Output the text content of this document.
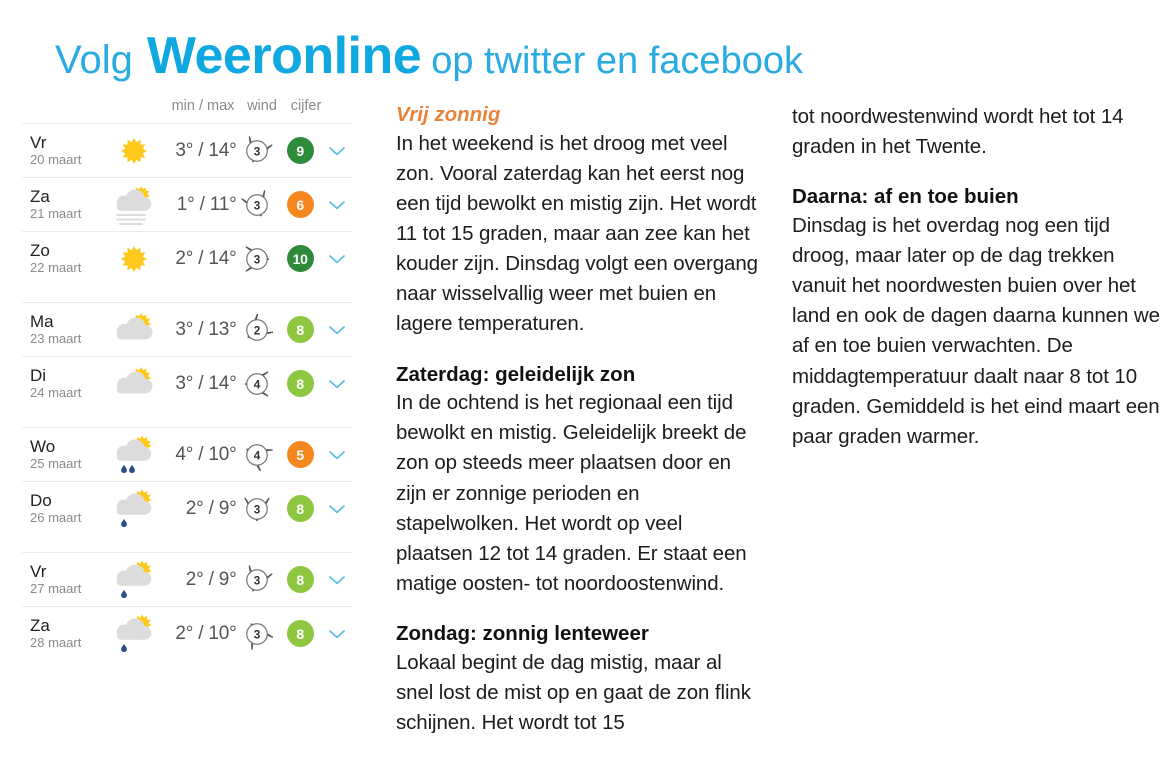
Volg Weeronline op twitter en facebook
min / max wind cijfer
Vr
20 maart	3° / 14° 3	9
Za
21 maart	1° / 11° 3	6
Zo
22 maart	2° / 14° 3	10
Ma
23 maart	3° / 13° 2	8
Di
24 maart	3° / 14° 4	8
Wo
25 maart	4° / 10° 4	5
Do
26 maart	2° / 9° 3	8
Vr
27 maart	2° / 9° 3	8
Za
28 maart	2° / 10° 3	8
Vrij zonnig
In het weekend is het droog met veel zon. Vooral zaterdag kan het eerst nog een tijd bewolkt en mistig zijn. Het wordt 11 tot 15 graden, maar aan zee kan het kouder zijn. Dinsdag volgt een overgang naar wisselvallig weer met buien en lagere temperaturen.
Zaterdag: geleidelijk zon
In de ochtend is het regionaal een tijd bewolkt en mistig. Geleidelijk breekt de zon op steeds meer plaatsen door en zijn er zonnige perioden en stapelwolken. Het wordt op veel plaatsen 12 tot 14 graden. Er staat een matige oosten- tot noordoostenwind.
Zondag: zonnig lenteweer
Lokaal begint de dag mistig, maar al snel lost de mist op en gaat de zon flink schijnen. Het wordt tot 15
tot noordwestenwind wordt het tot 14 graden in het Twente.
Daarna: af en toe buien
Dinsdag is het overdag nog een tijd droog, maar later op de dag trekken vanuit het noordwesten buien over het land en ook de dagen daarna kunnen we af en toe buien verwachten. De middagtemperatuur daalt naar 8 tot 10 graden. Gemiddeld is het eind maart een paar graden warmer.
